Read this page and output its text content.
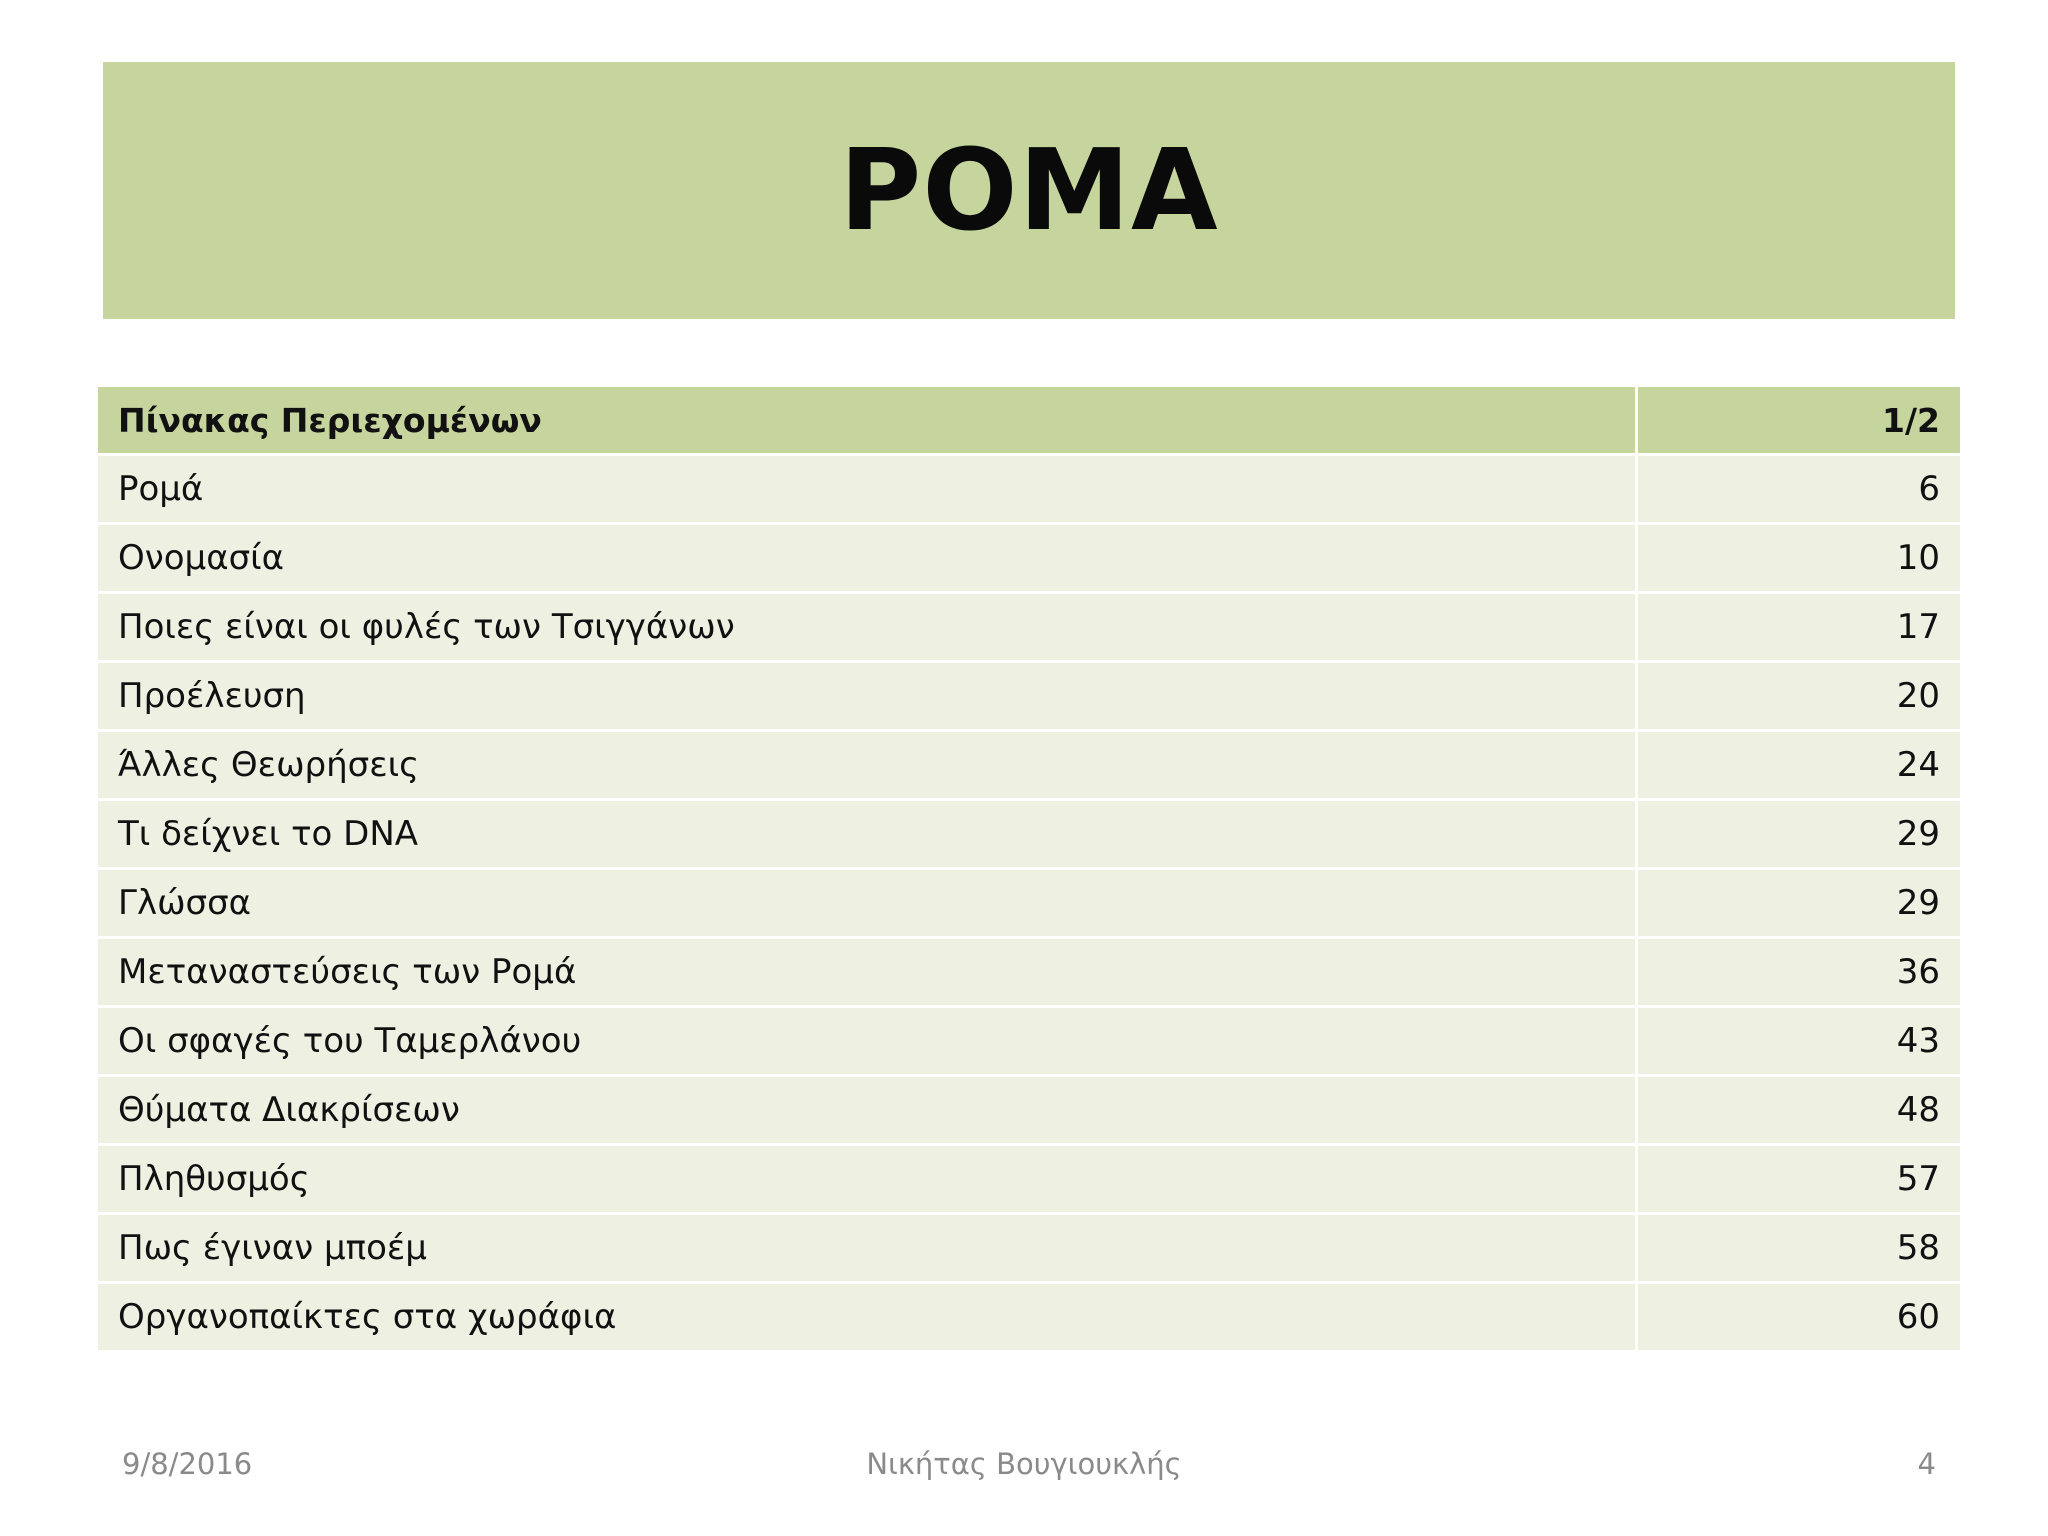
ΡΟΜΑ
Πίνακας Περιεχομένων	1/2
Ρομά	6
Ονομασία	10
Ποιες είναι οι φυλές των Τσιγγάνων	17
Προέλευση	20
Άλλες Θεωρήσεις	24
Τι δείχνει το DNA	29
Γλώσσα	29
Μεταναστεύσεις των Ρομά	36
Οι σφαγές του Ταμερλάνου	43
Θύματα Διακρίσεων	48
Πληθυσμός	57
Πως έγιναν μποέμ	58
Οργανοπαίκτες στα χωράφια	60
9/8/2016	Νικήτας Βουγιουκλής	4
